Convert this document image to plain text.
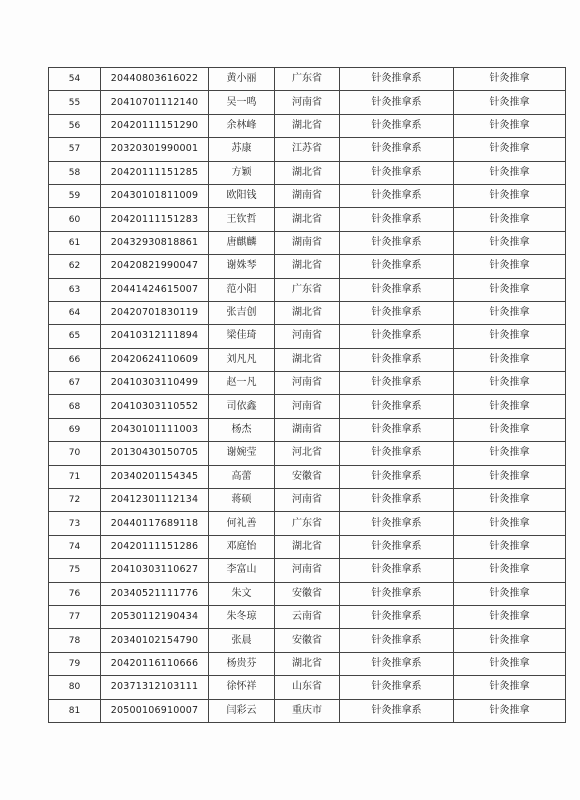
54	20440803616022	黄小丽	广东省	针灸推拿系	针灸推拿
55	20410701112140	吴一鸣	河南省	针灸推拿系	针灸推拿
56	20420111151290	余林峰	湖北省	针灸推拿系	针灸推拿
57	20320301990001	苏康	江苏省	针灸推拿系	针灸推拿
58	20420111151285	方颖	湖北省	针灸推拿系	针灸推拿
59	20430101811009	欧阳钱	湖南省	针灸推拿系	针灸推拿
60	20420111151283	王钦哲	湖北省	针灸推拿系	针灸推拿
61	20432930818861	唐麒麟	湖南省	针灸推拿系	针灸推拿
62	20420821990047	谢姝琴	湖北省	针灸推拿系	针灸推拿
63	20441424615007	范小阳	广东省	针灸推拿系	针灸推拿
64	20420701830119	张吉创	湖北省	针灸推拿系	针灸推拿
65	20410312111894	梁佳琦	河南省	针灸推拿系	针灸推拿
66	20420624110609	刘凡凡	湖北省	针灸推拿系	针灸推拿
67	20410303110499	赵一凡	河南省	针灸推拿系	针灸推拿
68	20410303110552	司依鑫	河南省	针灸推拿系	针灸推拿
69	20430101111003	杨杰	湖南省	针灸推拿系	针灸推拿
70	20130430150705	谢婉莹	河北省	针灸推拿系	针灸推拿
71	20340201154345	高蕾	安徽省	针灸推拿系	针灸推拿
72	20412301112134	蒋硕	河南省	针灸推拿系	针灸推拿
73	20440117689118	何礼善	广东省	针灸推拿系	针灸推拿
74	20420111151286	邓庭怡	湖北省	针灸推拿系	针灸推拿
75	20410303110627	李富山	河南省	针灸推拿系	针灸推拿
76	20340521111776	朱文	安徽省	针灸推拿系	针灸推拿
77	20530112190434	朱冬琼	云南省	针灸推拿系	针灸推拿
78	20340102154790	张晨	安徽省	针灸推拿系	针灸推拿
79	20420116110666	杨贵芬	湖北省	针灸推拿系	针灸推拿
80	20371312103111	徐怀祥	山东省	针灸推拿系	针灸推拿
81	20500106910007	闫彩云	重庆市	针灸推拿系	针灸推拿
